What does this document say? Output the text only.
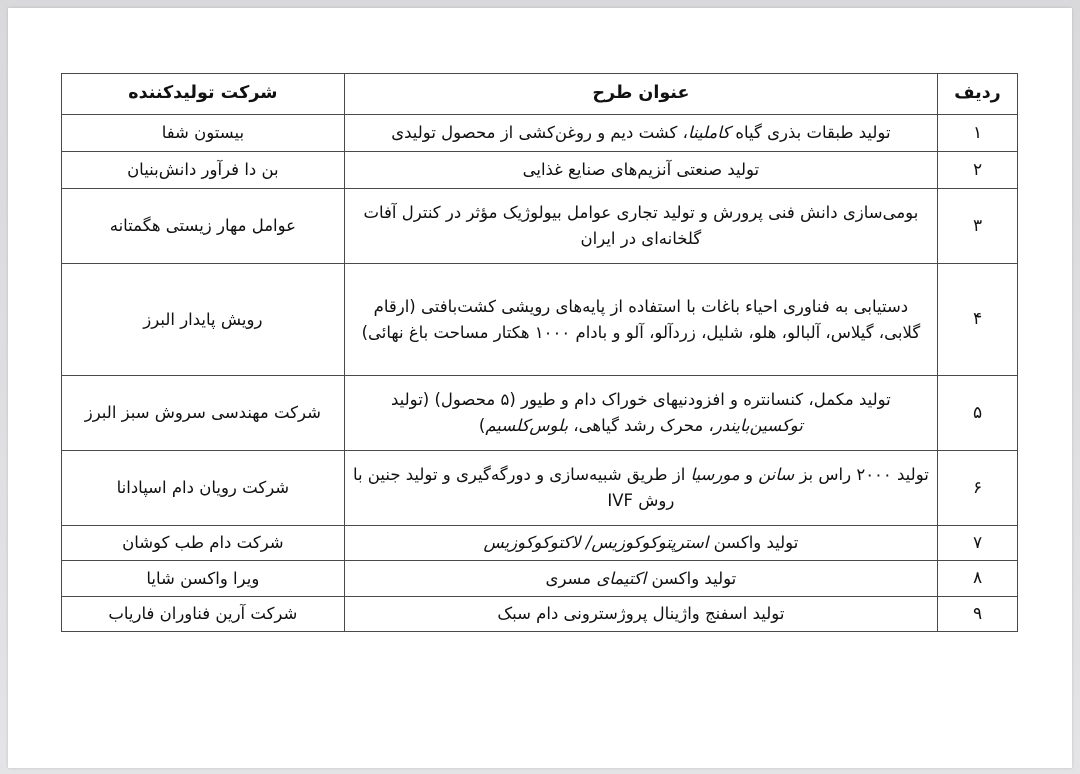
ردیف	عنوان طرح	شرکت تولیدکننده
۱	تولید طبقات بذری گیاه کاملینا، کشت دیم و روغن‌کشی از محصول تولیدی	بیستون شفا
۲	تولید صنعتی آنزیم‌های صنایع غذایی	بن دا فرآور دانش‌بنیان
۳	بومی‌سازی دانش فنی پرورش و تولید تجاری عوامل بیولوژیک مؤثر در کنترل آفات گلخانه‌ای در ایران	عوامل مهار زیستی هگمتانه
۴	دستیابی به فناوری احیاء باغات با استفاده از پایه‌های رویشی کشت‌بافتی (ارقام گلابی، گیلاس، آلبالو، هلو، شلیل، زردآلو، آلو و بادام ۱۰۰۰ هکتار مساحت باغ نهائی)	رویش پایدار البرز
۵	تولید مکمل، کنسانتره و افزودنیهای خوراک دام و طیور (۵ محصول) (تولید توکسین‌بایندر، محرک رشد گیاهی، بلوس‌کلسیم)	شرکت مهندسی سروش سبز البرز
۶	تولید ۲۰۰۰ راس بز سانن و مورسیا از طریق شبیه‌سازی و دورگه‌گیری و تولید جنین با روش IVF	شرکت رویان دام اسپادانا
۷	تولید واکسن استرپتوکوکوزیس/ لاکتوکوکوزیس	شرکت دام طب کوشان
۸	تولید واکسن اکتیمای مسری	ویرا واکسن شایا
۹	تولید اسفنج واژینال پروژسترونی دام سبک	شرکت آرین فناوران فاریاب
